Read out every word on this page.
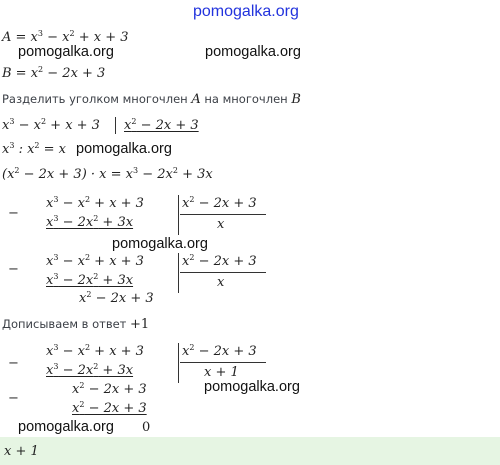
pomogalka.org
$A = x^3 - x^2 + x + 3$
pomogalka.org	pomogalka.org
$B = x^2 - 2x + 3$
Разделить уголком многочлен A на многочлен B
$x^3 - x^2 + x + 3$ $x^2 - 2x + 3$
$x^3$ : $x^2 = x$ pomogalka.org
$(x^2 - 2x + 3) \cdot x = x^3 - 2x^2 + 3x$
−
$x^3 - x^2 + x + 3$
$x^3 - 2x^2 + 3x$
$x^2 - 2x + 3$
x
pomogalka.org
−
$x^3 - x^2 + x + 3$
$x^3 - 2x^2 + 3x$
$x^2 - 2x + 3$
$x^2 - 2x + 3$
x
Дописываем в ответ +1
−
$x^3 - x^2 + x + 3$
$x^3 - 2x^2 + 3x$
$x^2 - 2x + 3$
−
$x^2 - 2x + 3$
0
$x^2 - 2x + 3$
x + 1
pomogalka.org
pomogalka.org
x + 1
